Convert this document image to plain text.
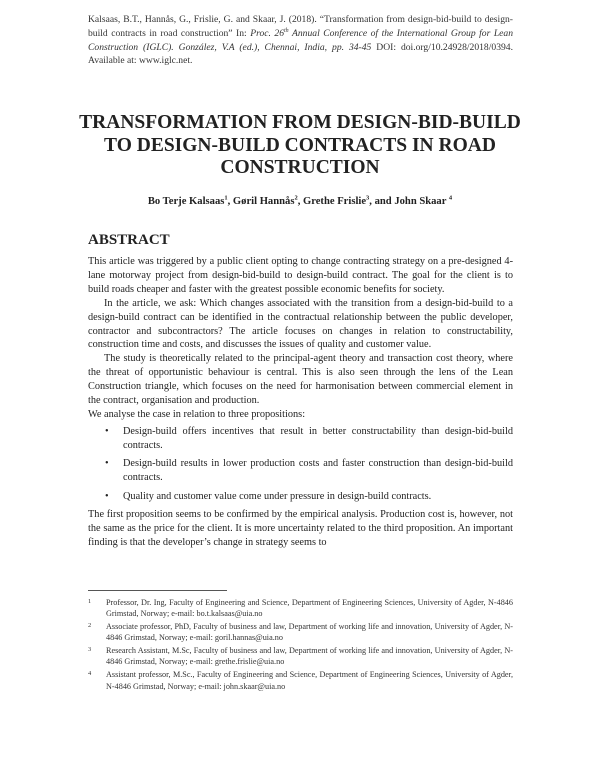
Kalsaas, B.T., Hannås, G., Frislie, G. and Skaar, J. (2018). “Transformation from design-bid-build to design-build contracts in road construction” In: Proc. 26th Annual Conference of the International Group for Lean Construction (IGLC). González, V.A (ed.), Chennai, India, pp. 34-45 DOI: doi.org/10.24928/2018/0394. Available at: www.iglc.net.
TRANSFORMATION FROM DESIGN-BID-BUILD TO DESIGN-BUILD CONTRACTS IN ROAD CONSTRUCTION
Bo Terje Kalsaas$^1$, Gøril Hannås$^2$, Grethe Frislie$^3$, and John Skaar $^4$
ABSTRACT

This article was triggered by a public client opting to change contracting strategy on a pre-designed 4-lane motorway project from design-bid-build to design-build contract. The goal for the client is to build roads cheaper and faster with the greatest possible economic benefits for society.

In the article, we ask: Which changes associated with the transition from a design-bid-build to a design-build contract can be identified in the contractual relationship between the public developer, contractor and subcontractors? The article focuses on changes in relation to constructability, construction time and costs, and discusses the issues of quality and customer value.

The study is theoretically related to the principal-agent theory and transaction cost theory, where the threat of opportunistic behaviour is central. This is also seen through the lens of the Lean Construction triangle, which focuses on the need for harmonisation between commercial element in the contract, organisation and production.

We analyse the case in relation to three propositions:

• Design-build offers incentives that result in better constructability than design-bid-build contracts.
• Design-build results in lower production costs and faster construction than design-bid-build contracts.
• Quality and customer value come under pressure in design-build contracts.

The first proposition seems to be confirmed by the empirical analysis. Production cost is, however, not the same as the price for the client. It is more uncertainty related to the third proposition. An important finding is that the developer’s change in strategy seems to

1 Professor, Dr. Ing, Faculty of Engineering and Science, Department of Engineering Sciences, University of Agder, N-4846 Grimstad, Norway; e-mail: bo.t.kalsaas@uia.no
2 Associate professor, PhD, Faculty of business and law, Department of working life and innovation, University of Agder, N-4846 Grimstad, Norway; e-mail: goril.hannas@uia.no
3 Research Assistant, M.Sc, Faculty of business and law, Department of working life and innovation, University of Agder, N-4846 Grimstad, Norway; e-mail: grethe.frislie@uia.no
4 Assistant professor, M.Sc., Faculty of Engineering and Science, Department of Engineering Sciences, University of Agder, N-4846 Grimstad, Norway; e-mail: john.skaar@uia.no
